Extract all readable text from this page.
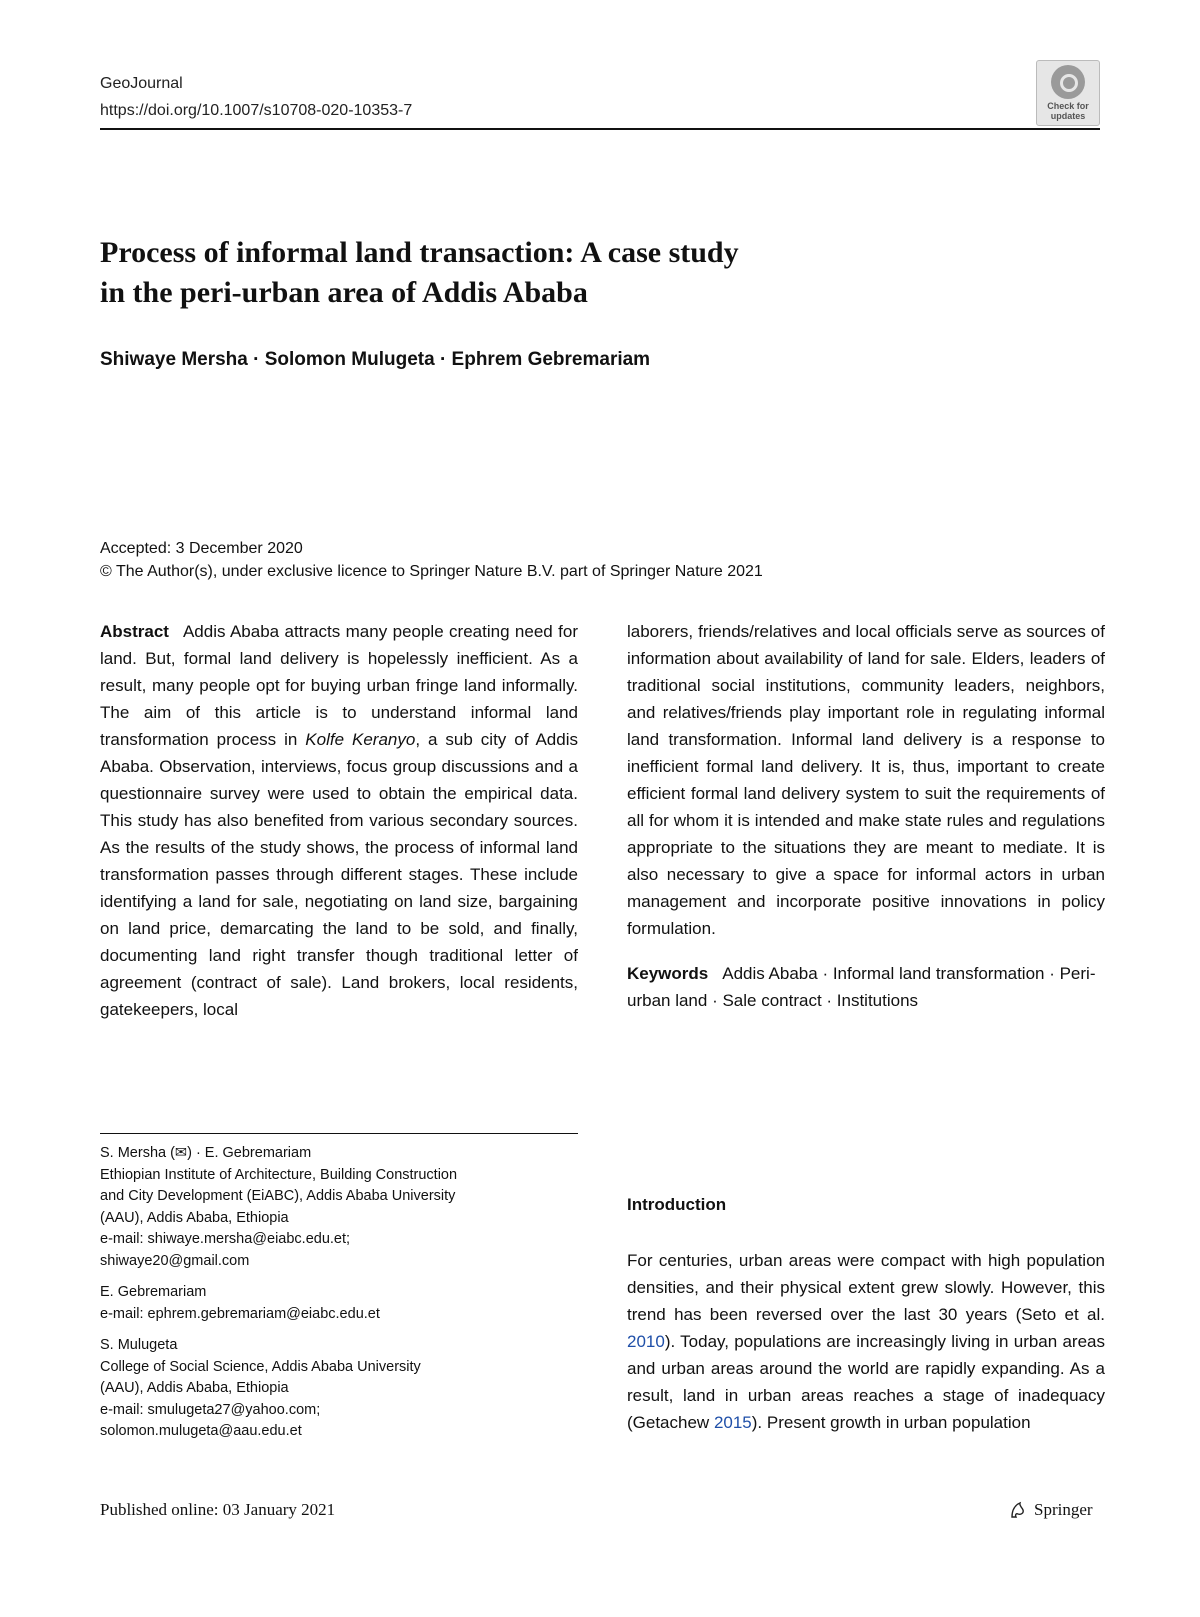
GeoJournal
https://doi.org/10.1007/s10708-020-10353-7	Check for updates
Process of informal land transaction: A case study
in the peri-urban area of Addis Ababa
Shiwaye Mersha · Solomon Mulugeta · Ephrem Gebremariam
Accepted: 3 December 2020
© The Author(s), under exclusive licence to Springer Nature B.V. part of Springer Nature 2021
Abstract Addis Ababa attracts many people creating need for land. But, formal land delivery is hopelessly inefficient. As a result, many people opt for buying urban fringe land informally. The aim of this article is to understand informal land transformation process in Kolfe Keranyo, a sub city of Addis Ababa. Observation, interviews, focus group discussions and a questionnaire survey were used to obtain the empirical data. This study has also benefited from various secondary sources. As the results of the study shows, the process of informal land transformation passes through different stages. These include identifying a land for sale, negotiating on land size, bargaining on land price, demarcating the land to be sold, and finally, documenting land right transfer though traditional letter of agreement (contract of sale). Land brokers, local residents, gatekeepers, local
laborers, friends/relatives and local officials serve as sources of information about availability of land for sale. Elders, leaders of traditional social institutions, community leaders, neighbors, and relatives/friends play important role in regulating informal land transformation. Informal land delivery is a response to inefficient formal land delivery. It is, thus, important to create efficient formal land delivery system to suit the requirements of all for whom it is intended and make state rules and regulations appropriate to the situations they are meant to mediate. It is also necessary to give a space for informal actors in urban management and incorporate positive innovations in policy formulation.
Keywords Addis Ababa · Informal land transformation · Peri-urban land · Sale contract · Institutions

S. Mersha (✉) · E. Gebremariam
Ethiopian Institute of Architecture, Building Construction
and City Development (EiABC), Addis Ababa University
(AAU), Addis Ababa, Ethiopia
e-mail: shiwaye.mersha@eiabc.edu.et;
shiwaye20@gmail.com

E. Gebremariam
e-mail: ephrem.gebremariam@eiabc.edu.et

S. Mulugeta
College of Social Science, Addis Ababa University
(AAU), Addis Ababa, Ethiopia
e-mail: smulugeta27@yahoo.com;
solomon.mulugeta@aau.edu.et

Introduction
For centuries, urban areas were compact with high population densities, and their physical extent grew slowly. However, this trend has been reversed over the last 30 years (Seto et al. 2010). Today, populations are increasingly living in urban areas and urban areas around the world are rapidly expanding. As a result, land in urban areas reaches a stage of inadequacy (Getachew 2015). Present growth in urban population
Published online: 03 January 2021	Springer
